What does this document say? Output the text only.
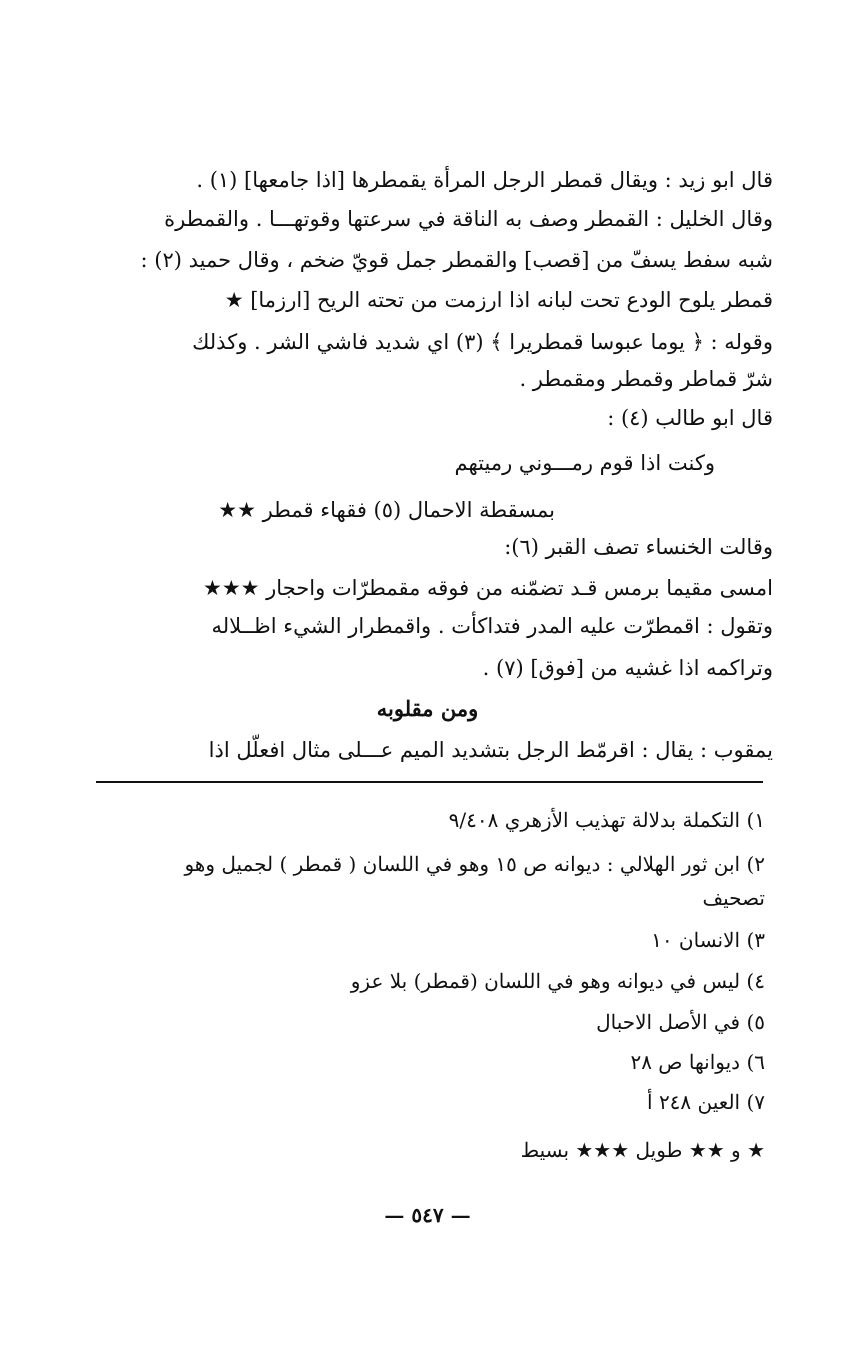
قال ابو زيد : ويقال قمطر الرجل المرأة يقمطرها [اذا جامعها] (١) .
وقال الخليل : القمطر وصف به الناقة في سرعتها وقوتهـــا . والقمطرة
شبه سفط يسفّ من [قصب] والقمطر جمل قويّ ضخم ، وقال حميد (٢) :
قمطر يلوح الودع تحت لبانه اذا ارزمت من تحته الريح [ارزما] ★
وقوله : ﴿ يوما عبوسا قمطريرا ﴾ (٣) اي شديد فاشي الشر . وكذلك
شرّ قماطر وقمطر ومقمطر .
قال ابو طالب (٤) :
وكنت اذا قوم رمـــوني رميتهم
بمسقطة الاحمال (٥) فقهاء قمطر ★★
وقالت الخنساء تصف القبر (٦):
امسى مقيما برمس قـد تضمّنه من فوقه مقمطرّات واحجار ★★★
وتقول : اقمطرّت عليه المدر فتداكأت . واقمطرار الشيء اظــلاله
وتراكمه اذا غشيه من [فوق] (٧) .
ومن مقلوبه
يمقوب : يقال : اقرمّط الرجل بتشديد الميم عـــلى مثال افعلّل اذا
١) التكملة بدلالة تهذيب الأزهري ٩/٤٠٨
٢) ابن ثور الهلالي : ديوانه ص ١٥ وهو في اللسان ( قمطر ) لجميل وهو
تصحيف
٣) الانسان ١٠
٤) ليس في ديوانه وهو في اللسان (قمطر) بلا عزو
٥) في الأصل الاحبال
٦) ديوانها ص ٢٨
٧) العين ٢٤٨ أ
★ و ★★ طويل ★★★ بسيط
— ٥٤٧ —
